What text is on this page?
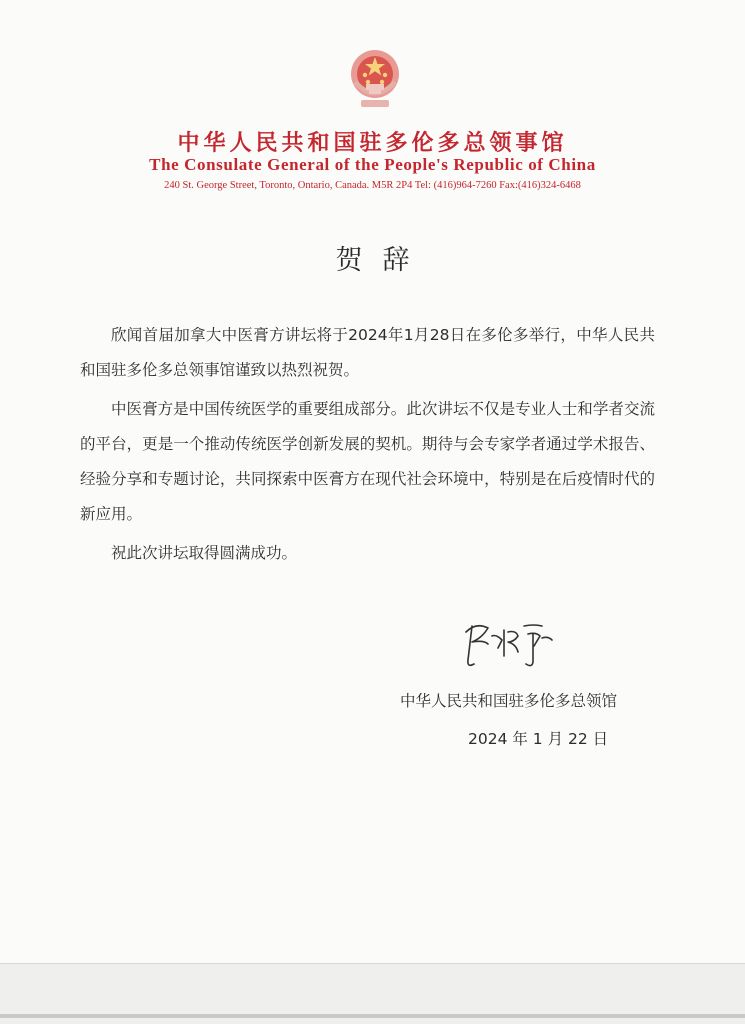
中华人民共和国驻多伦多总领事馆
The Consulate General of the People's Republic of China
240 St. George Street, Toronto, Ontario, Canada. M5R 2P4 Tel: (416)964-7260 Fax:(416)324-6468
贺辞

欣闻首届加拿大中医膏方讲坛将于2024年1月28日在多伦多举行，中华人民共和国驻多伦多总领事馆谨致以热烈祝贺。

中医膏方是中国传统医学的重要组成部分。此次讲坛不仅是专业人士和学者交流的平台，更是一个推动传统医学创新发展的契机。期待与会专家学者通过学术报告、经验分享和专题讨论，共同探索中医膏方在现代社会环境中，特别是在后疫情时代的新应用。

祝此次讲坛取得圆满成功。

中华人民共和国驻多伦多总领馆
2024 年 1 月 22 日
